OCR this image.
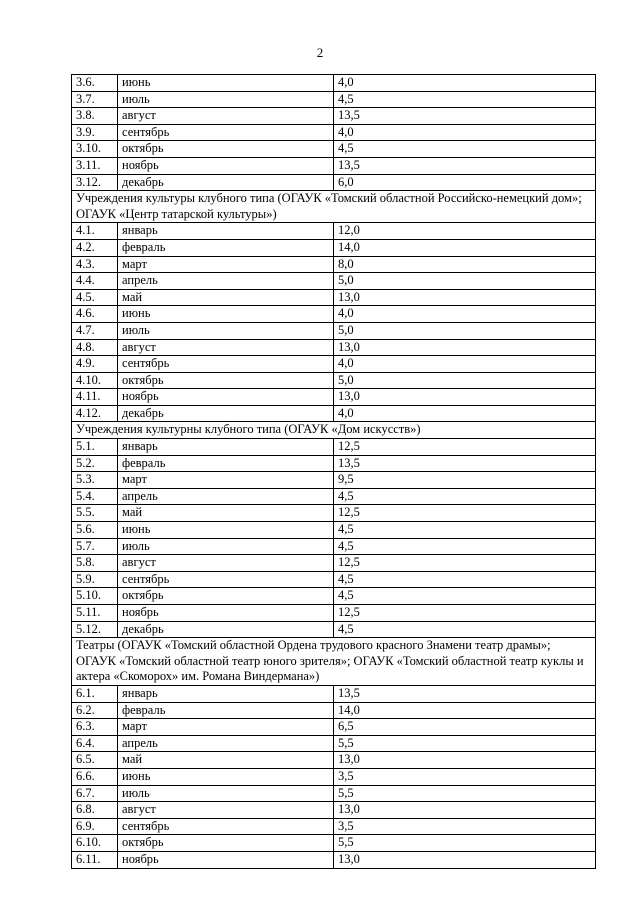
2
3.6.	июнь	4,0
3.7.	июль	4,5
3.8.	август	13,5
3.9.	сентябрь	4,0
3.10.	октябрь	4,5
3.11.	ноябрь	13,5
3.12.	декабрь	6,0
Учреждения культуры клубного типа (ОГАУК «Томский областной Российско-немецкий дом»; ОГАУК «Центр татарской культуры»)		
4.1.	январь	12,0
4.2.	февраль	14,0
4.3.	март	8,0
4.4.	апрель	5,0
4.5.	май	13,0
4.6.	июнь	4,0
4.7.	июль	5,0
4.8.	август	13,0
4.9.	сентябрь	4,0
4.10.	октябрь	5,0
4.11.	ноябрь	13,0
4.12.	декабрь	4,0
Учреждения культурны клубного типа (ОГАУК «Дом искусств»)		
5.1.	январь	12,5
5.2.	февраль	13,5
5.3.	март	9,5
5.4.	апрель	4,5
5.5.	май	12,5
5.6.	июнь	4,5
5.7.	июль	4,5
5.8.	август	12,5
5.9.	сентябрь	4,5
5.10.	октябрь	4,5
5.11.	ноябрь	12,5
5.12.	декабрь	4,5
Театры (ОГАУК «Томский областной Ордена трудового красного Знамени театр драмы»; ОГАУК «Томский областной театр юного зрителя»; ОГАУК «Томский областной театр куклы и актера «Скоморох» им. Романа Виндермана»)		
6.1.	январь	13,5
6.2.	февраль	14,0
6.3.	март	6,5
6.4.	апрель	5,5
6.5.	май	13,0
6.6.	июнь	3,5
6.7.	июль	5,5
6.8.	август	13,0
6.9.	сентябрь	3,5
6.10.	октябрь	5,5
6.11.	ноябрь	13,0
